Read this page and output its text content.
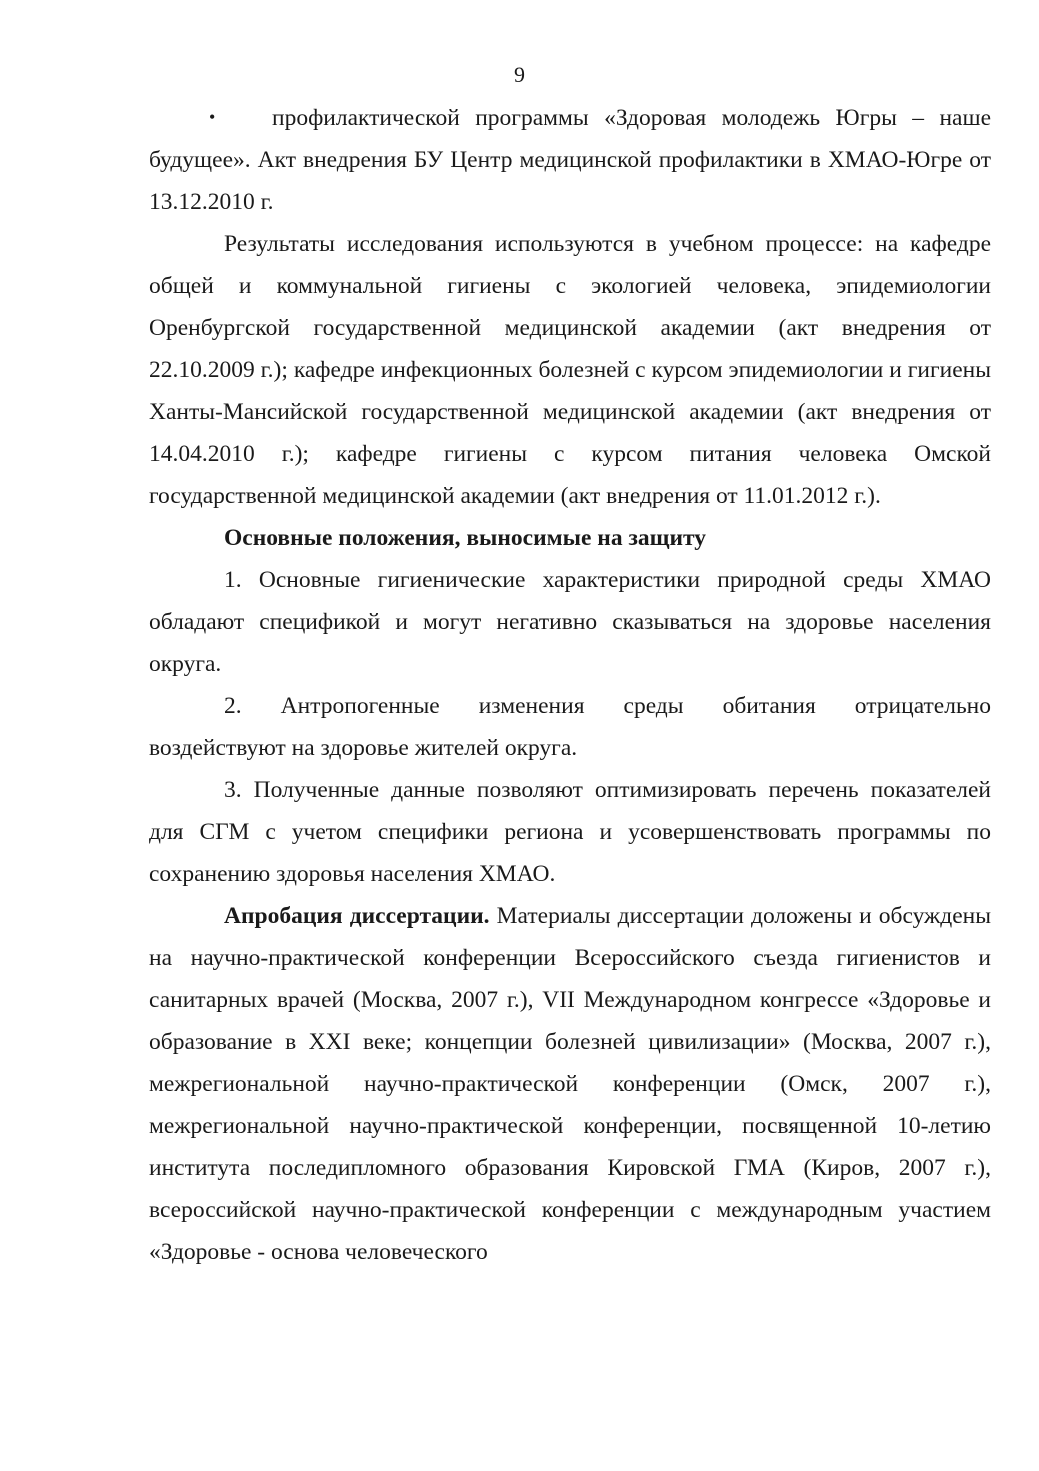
9

• профилактической программы «Здоровая молодежь Югры – наше будущее». Акт внедрения БУ Центр медицинской профилактики в ХМАО-Югре от 13.12.2010 г.

Результаты исследования используются в учебном процессе: на кафедре общей и коммунальной гигиены с экологией человека, эпидемиологии Оренбургской государственной медицинской академии (акт внедрения от 22.10.2009 г.); кафедре инфекционных болезней с курсом эпидемиологии и гигиены Ханты-Мансийской государственной медицинской академии (акт внедрения от 14.04.2010 г.); кафедре гигиены с курсом питания человека Омской государственной медицинской академии (акт внедрения от 11.01.2012 г.).

Основные положения, выносимые на защиту

1. Основные гигиенические характеристики природной среды ХМАО обладают спецификой и могут негативно сказываться на здоровье населения округа.

2. Антропогенные изменения среды обитания отрицательно

воздействуют на здоровье жителей округа.

3. Полученные данные позволяют оптимизировать перечень показателей для СГМ с учетом специфики региона и усовершенствовать программы по сохранению здоровья населения ХМАО.

Апробация диссертации. Материалы диссертации доложены и обсуждены на научно-практической конференции Всероссийского съезда гигиенистов и санитарных врачей (Москва, 2007 г.), VII Международном конгрессе «Здоровье и образование в XXI веке; концепции болезней цивилизации» (Москва, 2007 г.), межрегиональной научно-практической конференции (Омск, 2007 г.), межрегиональной научно-практической конференции, посвященной 10-летию института последипломного образования Кировской ГМА (Киров, 2007 г.), всероссийской научно-практической конференции с международным участием «Здоровье - основа человеческого
